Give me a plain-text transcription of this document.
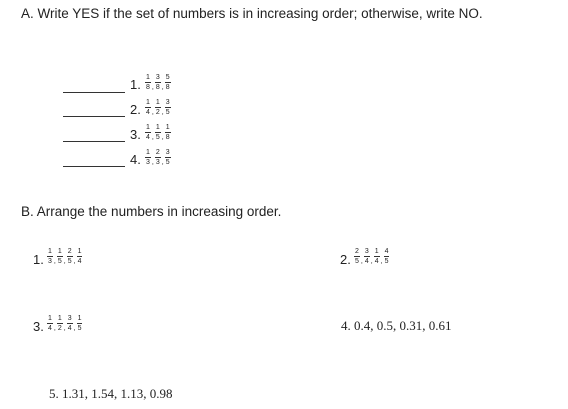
A. Write YES if the set of numbers is in increasing order; otherwise, write NO.
1. 1
8 ,
3
8 ,
5
8
2. 1
4 ,
1
2 ,
3
5
3. 1
4 ,
1
5 ,
1
8
4. 1
3 ,
2
3 ,
3
5
B. Arrange the numbers in increasing order.
1.
1
3 ,
1
5 ,
2
5 ,
1
4	2.
2
5 ,
3
4 ,
1
4 ,
4
5
3.
1
4 ,
1
2 ,
3
4 ,
1
5	4. 0.4, 0.5, 0.31, 0.61
5. 1.31, 1.54, 1.13, 0.98
